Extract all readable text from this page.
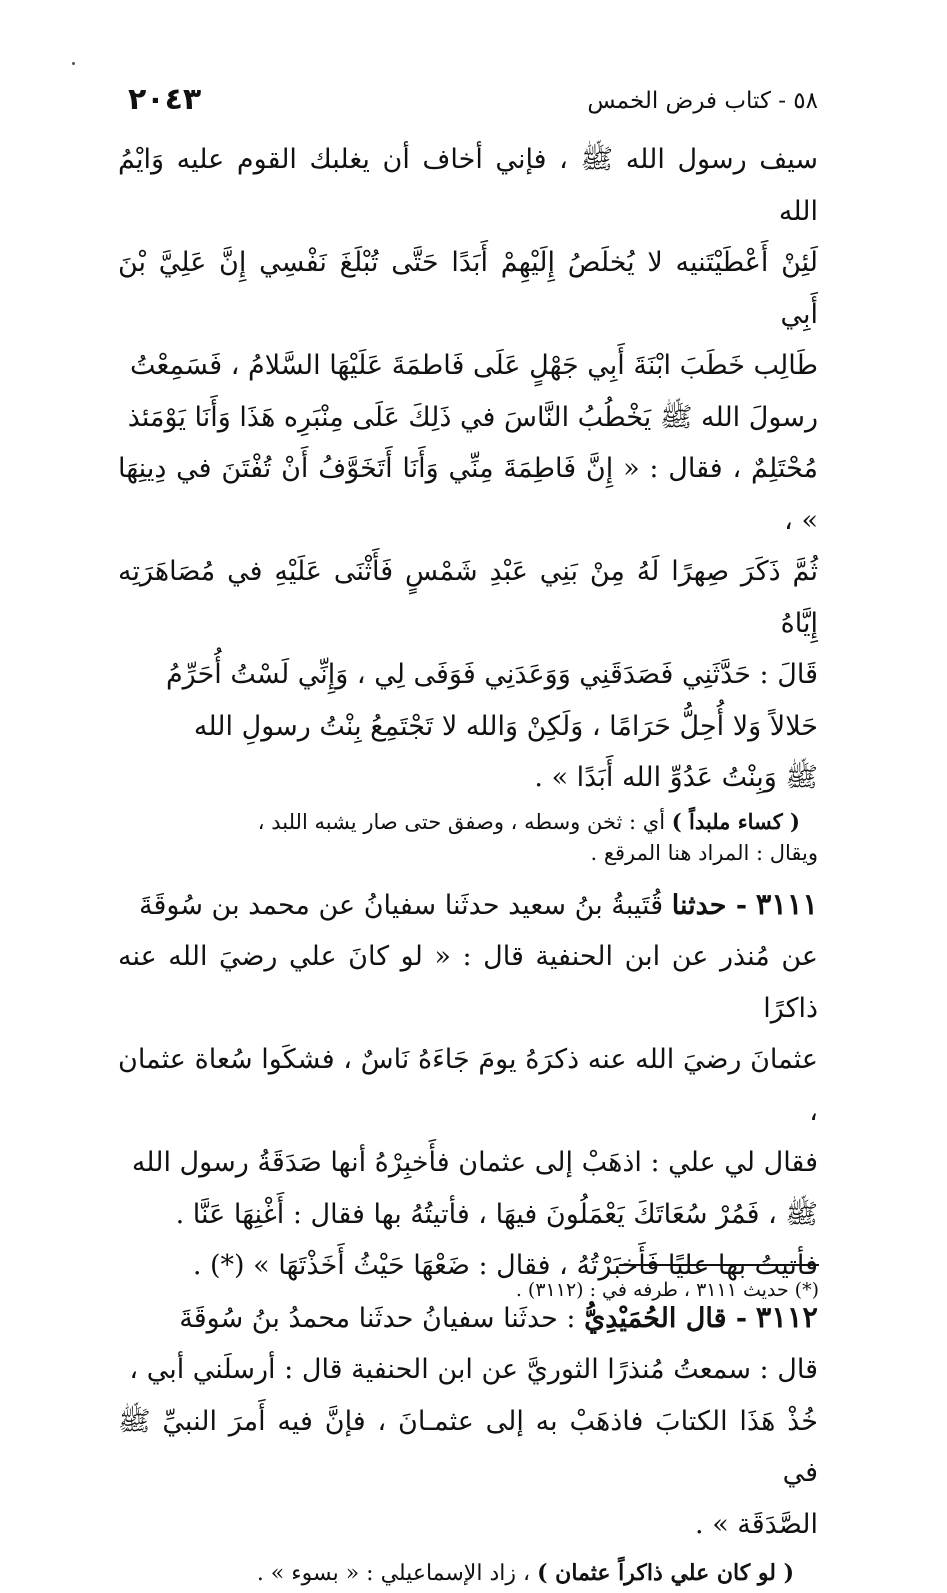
٥٨ - كتاب فرض الخمس
٢٠٤٣

سيف رسول الله ﷺ ، فإني أخاف أن يغلبك القوم عليه وَايْمُ الله

لَئِنْ أَعْطَيْتَنيه لا يُخلَصُ إِلَيْهِمْ أَبَدًا حَتَّى تُبْلَغَ نَفْسِي إِنَّ عَلِيَّ بْنَ أَبِي

طَالِب خَطَبَ ابْنَةَ أَبِي جَهْلٍ عَلَى فَاطمَةَ عَلَيْهَا السَّلامُ ، فَسَمِعْتُ

رسولَ الله ﷺ يَخْطُبُ النَّاسَ في ذَلِكَ عَلَى مِنْبَرِه هَذَا وَأَنَا يَوْمَئذ

مُحْتَلِمٌ ، فقال : « إِنَّ فَاطِمَةَ مِنِّي وَأَنَا أَتَخَوَّفُ أَنْ تُفْتَنَ في دِينِهَا » ،

ثُمَّ ذَكَرَ صِهرًا لَهُ مِنْ بَنِي عَبْدِ شَمْسٍ فَأَثْنَى عَلَيْهِ في مُصَاهَرَتِه إِيَّاهُ

قَالَ : حَدَّثَنِي فَصَدَقَنِي وَوَعَدَنِي فَوَفَى لِي ، وَإِنِّي لَسْتُ أُحَرِّمُ

حَلالاً وَلا أُحِلُّ حَرَامًا ، وَلَكِنْ وَالله لا تَجْتَمِعُ بِنْتُ رسولِ الله

ﷺ وَبِنْتُ عَدُوِّ الله أَبَدًا » .

( كساء ملبداً ) أي : ثخن وسطه ، وصفق حتى صار يشبه اللبد ،

ويقال : المراد هنا المرقع .

٣١١١ - حدثنا قُتَيبةُ بنُ سعيد حدثَنا سفيانُ عن محمد بن سُوقَةَ

عن مُنذر عن ابن الحنفية قال : « لو كانَ علي رضيَ الله عنه ذاكرًا

عثمانَ رضيَ الله عنه ذكرَهُ يومَ جَاءَهُ نَاسٌ ، فشكَوا سُعاة عثمان ،

فقال لي علي : اذهَبْ إلى عثمان فأَخبِرْهُ أنها صَدَقَةُ رسول الله

ﷺ ، فَمُرْ سُعَاتَكَ يَعْمَلُونَ فيهَا ، فأتيتُهُ بها فقال : أَغْنِهَا عَنَّا .

فأتيتُ بها عليًا فَأَخبَرْتُهُ ، فقال : ضَعْهَا حَيْثُ أَخَذْتَهَا » (*) .

٣١١٢ - قال الحُمَيْدِيُّ : حدثَنا سفيانُ حدثَنا محمدُ بنُ سُوقَةَ

قال : سمعتُ مُنذرًا الثوريَّ عن ابن الحنفية قال : أرسلَني أبي ،

خُذْ هَذَا الكتابَ فاذهَبْ به إلى عثمـانَ ، فإنَّ فيه أَمرَ النبيِّ ﷺ في

الصَّدَقَة » .

( لو كان علي ذاكراً عثمان ) ، زاد الإسماعيلي : « بسوء » .

(*) حديث ٣١١١ ، طرفه في : (٣١١٢) .
